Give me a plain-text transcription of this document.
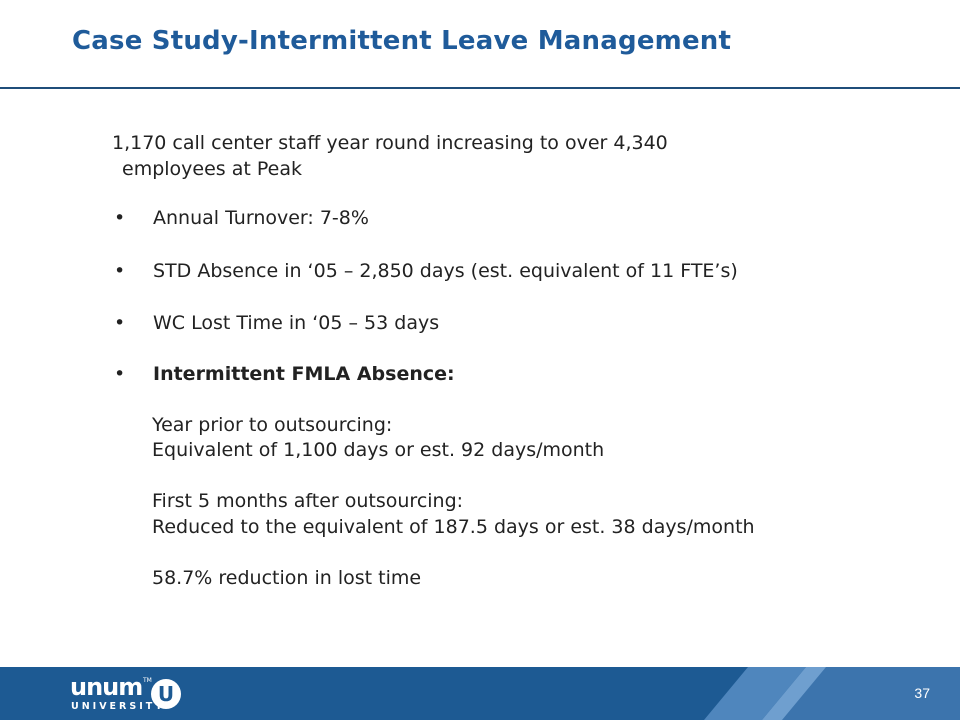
Case Study-Intermittent Leave Management
1,170 call center staff year round increasing to over 4,340
employees at Peak
• Annual Turnover: 7-8%
• STD Absence in ‘05 – 2,850 days (est. equivalent of 11 FTE’s)
• WC Lost Time in ‘05 – 53 days
• Intermittent FMLA Absence:
Year prior to outsourcing:
Equivalent of 1,100 days or est. 92 days/month
First 5 months after outsourcing:
Reduced to the equivalent of 187.5 days or est. 38 days/month
58.7% reduction in lost time
unum TM
U
UNIVERSITY
37
